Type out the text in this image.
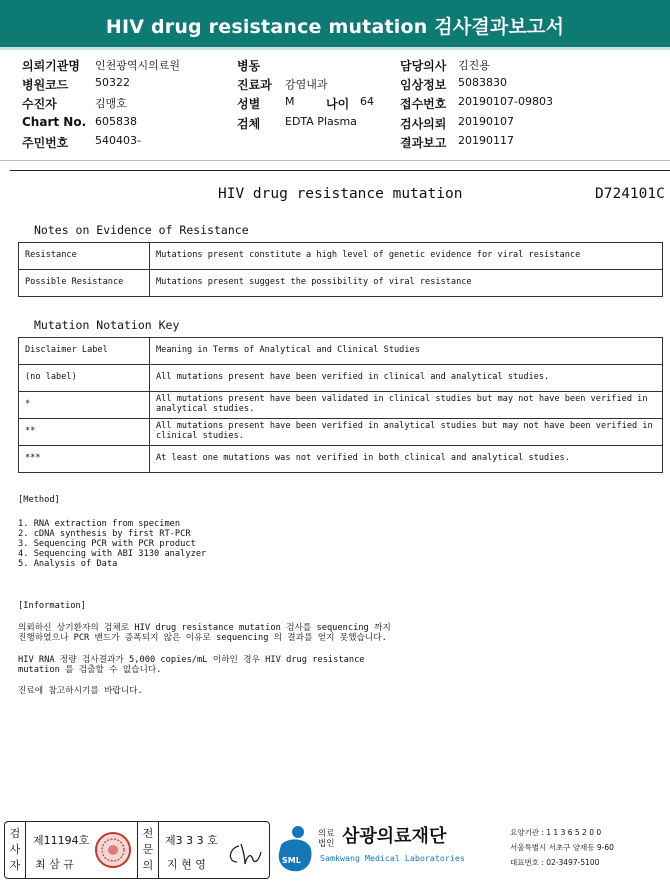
HIV drug resistance mutation 검사결과보고서
의뢰기관명 인천광역시의료원
병원코드 50322
수진자	김맹호
Chart No. 605838
주민번호 540403-
병동
진료과 감염내과
성별 M	나이 64
검체 EDTA Plasma
담당의사 김진용
임상정보 5083830
접수번호 20190107-09803
검사의뢰 20190107
결과보고 20190117
HIV drug resistance mutation	D724101C
Notes on Evidence of Resistance
Resistance	Mutations present constitute a high level of genetic evidence for viral resistance
Possible Resistance	Mutations present suggest the possibility of viral resistance
Mutation Notation Key
Disclaimer Label	Meaning in Terms of Analytical and Clinical Studies
(no label)	All mutations present have been verified in clinical and analytical studies.
*	All mutations present have been validated in clinical studies but may not have been verified in analytical studies.
**	All mutations present have been verified in analytical studies but may not have been verified in clinical studies.
***	At least one mutations was not verified in both clinical and analytical studies.
[Method]
1. RNA extraction from specimen
2. cDNA synthesis by first RT-PCR
3. Sequencing PCR with PCR product
4. Sequencing with ABI 3130 analyzer
5. Analysis of Data
[Information]
의뢰하신 상기환자의 검체로 HIV drug resistance mutation 검사를 sequencing 까지
진행하였으나 PCR 밴드가 증폭되지 않은 이유로 sequencing 의 결과를 얻지 못했습니다.
HIV RNA 정량 검사결과가 5,000 copies/mL 이하인 경우 HIV drug resistance
mutation 를 검출할 수 없습니다.
진료에 참고하시기를 바랍니다.
검사자
제11194호
최 삼 규
전문의
제3 3 3 호
지 현 영	SML
의료
법인 삼광의료재단
Samkwang Medical Laboratories
요양기관 : 1 1 3 6 5 2 0 0
서울특별시 서초구 양재동 9-60
대표번호 : 02-3497-5100
